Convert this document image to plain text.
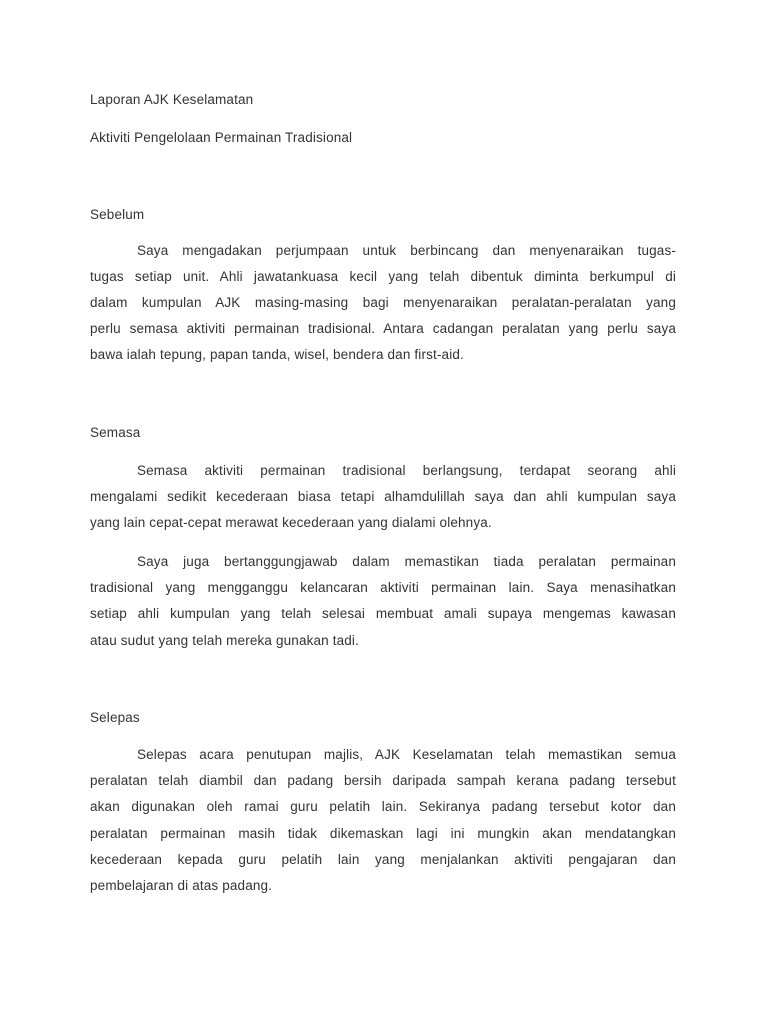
Laporan AJK Keselamatan
Aktiviti Pengelolaan Permainan Tradisional
Sebelum
Saya mengadakan perjumpaan untuk berbincang dan menyenaraikan tugas-
tugas setiap unit. Ahli jawatankuasa kecil yang telah dibentuk diminta berkumpul di
dalam kumpulan AJK masing-masing bagi menyenaraikan peralatan-peralatan yang
perlu semasa aktiviti permainan tradisional. Antara cadangan peralatan yang perlu saya
bawa ialah tepung, papan tanda, wisel, bendera dan first-aid.
Semasa
Semasa aktiviti permainan tradisional berlangsung, terdapat seorang ahli
mengalami sedikit kecederaan biasa tetapi alhamdulillah saya dan ahli kumpulan saya
yang lain cepat-cepat merawat kecederaan yang dialami olehnya.
Saya juga bertanggungjawab dalam memastikan tiada peralatan permainan
tradisional yang mengganggu kelancaran aktiviti permainan lain. Saya menasihatkan
setiap ahli kumpulan yang telah selesai membuat amali supaya mengemas kawasan
atau sudut yang telah mereka gunakan tadi.
Selepas
Selepas acara penutupan majlis, AJK Keselamatan telah memastikan semua
peralatan telah diambil dan padang bersih daripada sampah kerana padang tersebut
akan digunakan oleh ramai guru pelatih lain. Sekiranya padang tersebut kotor dan
peralatan permainan masih tidak dikemaskan lagi ini mungkin akan mendatangkan
kecederaan kepada guru pelatih lain yang menjalankan aktiviti pengajaran dan
pembelajaran di atas padang.
